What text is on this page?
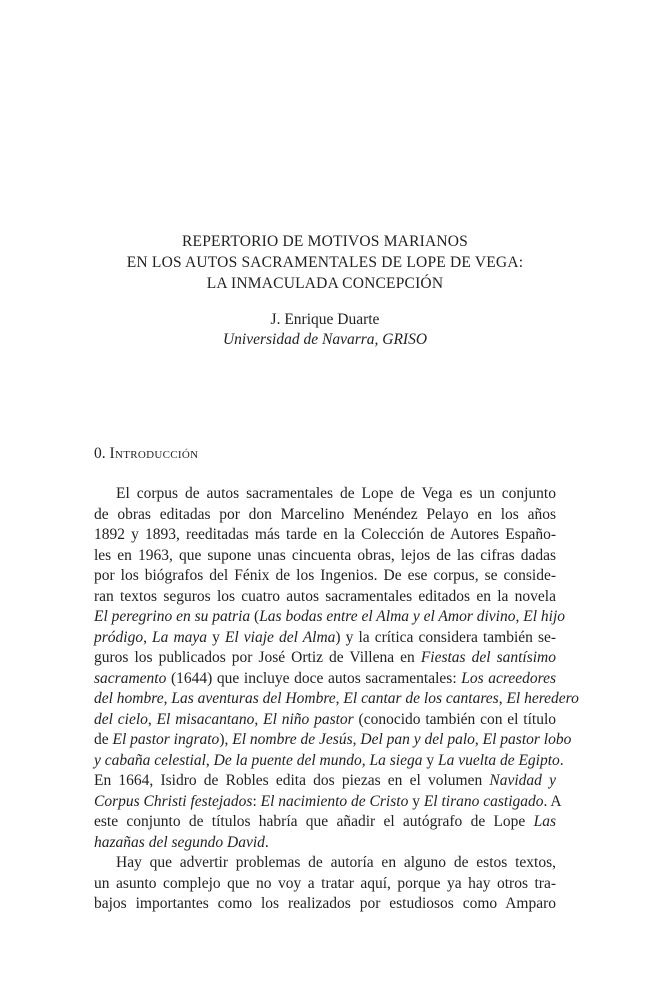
REPERTORIO DE MOTIVOS MARIANOS
EN LOS AUTOS SACRAMENTALES DE LOPE DE VEGA:
LA INMACULADA CONCEPCIÓN
J. Enrique Duarte
Universidad de Navarra, GRISO
0. Introducción
El corpus de autos sacramentales de Lope de Vega es un conjunto
de obras editadas por don Marcelino Menéndez Pelayo en los años
1892 y 1893, reeditadas más tarde en la Colección de Autores Españo-
les en 1963, que supone unas cincuenta obras, lejos de las cifras dadas
por los biógrafos del Fénix de los Ingenios. De ese corpus, se conside-
ran textos seguros los cuatro autos sacramentales editados en la novela
El peregrino en su patria (Las bodas entre el Alma y el Amor divino, El hijo
pródigo, La maya y El viaje del Alma) y la crítica considera también se-
guros los publicados por José Ortiz de Villena en Fiestas del santísimo
sacramento (1644) que incluye doce autos sacramentales: Los acreedores
del hombre, Las aventuras del Hombre, El cantar de los cantares, El heredero
del cielo, El misacantano, El niño pastor (conocido también con el título
de El pastor ingrato), El nombre de Jesús, Del pan y del palo, El pastor lobo
y cabaña celestial, De la puente del mundo, La siega y La vuelta de Egipto.
En 1664, Isidro de Robles edita dos piezas en el volumen Navidad y
Corpus Christi festejados: El nacimiento de Cristo y El tirano castigado. A
este conjunto de títulos habría que añadir el autógrafo de Lope Las
hazañas del segundo David.
Hay que advertir problemas de autoría en alguno de estos textos,
un asunto complejo que no voy a tratar aquí, porque ya hay otros tra-
bajos importantes como los realizados por estudiosos como Amparo
